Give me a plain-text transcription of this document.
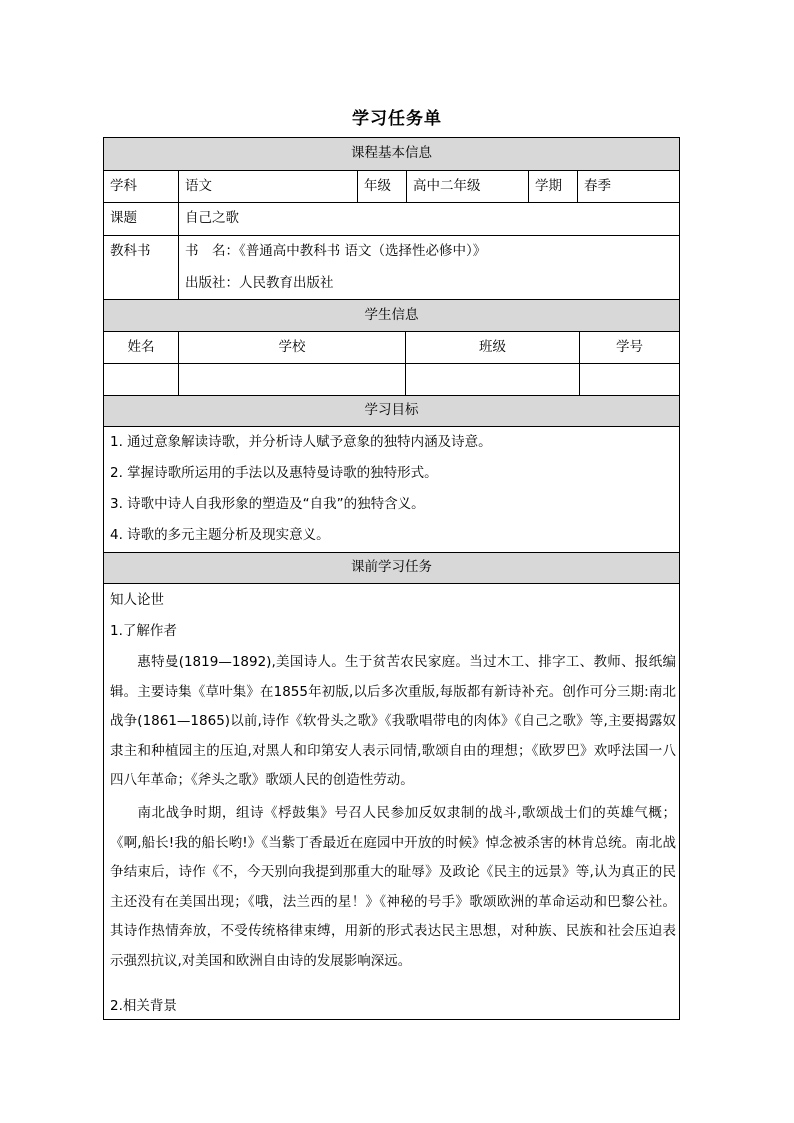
学习任务单
课程基本信息
学生信息
学习目标
课前学习任务
学科	语文	年级	高中二年级	学期	春季
课题	自己之歌
教科书	书　名：《普通高中教科书 语文（选择性必修中）》
出版社：人民教育出版社
姓名	学校	班级	学号
1. 通过意象解读诗歌，并分析诗人赋予意象的独特内涵及诗意。
2. 掌握诗歌所运用的手法以及惠特曼诗歌的独特形式。
3. 诗歌中诗人自我形象的塑造及“自我”的独特含义。
4. 诗歌的多元主题分析及现实意义。
知人论世
1.了解作者
惠特曼(1819—1892),美国诗人。生于贫苦农民家庭。当过木工、排字工、教师、报纸编辑。主要诗集《草叶集》在1855年初版,以后多次重版,每版都有新诗补充。创作可分三期:南北战争(1861—1865)以前,诗作《软骨头之歌》《我歌唱带电的肉体》《自己之歌》等,主要揭露奴隶主和种植园主的压迫,对黑人和印第安人表示同情,歌颂自由的理想；《欧罗巴》欢呼法国一八四八年革命；《斧头之歌》歌颂人民的创造性劳动。
南北战争时期，组诗《桴鼓集》号召人民参加反奴隶制的战斗,歌颂战士们的英雄气概；《啊,船长!我的船长哟!》《当紫丁香最近在庭园中开放的时候》悼念被杀害的林肯总统。南北战争结束后，诗作《不，今天别向我提到那重大的耻辱》及政论《民主的远景》等,认为真正的民主还没有在美国出现；《哦，法兰西的星！》《神秘的号手》歌颂欧洲的革命运动和巴黎公社。其诗作热情奔放，不受传统格律束缚，用新的形式表达民主思想，对种族、民族和社会压迫表示强烈抗议,对美国和欧洲自由诗的发展影响深远。
2.相关背景
